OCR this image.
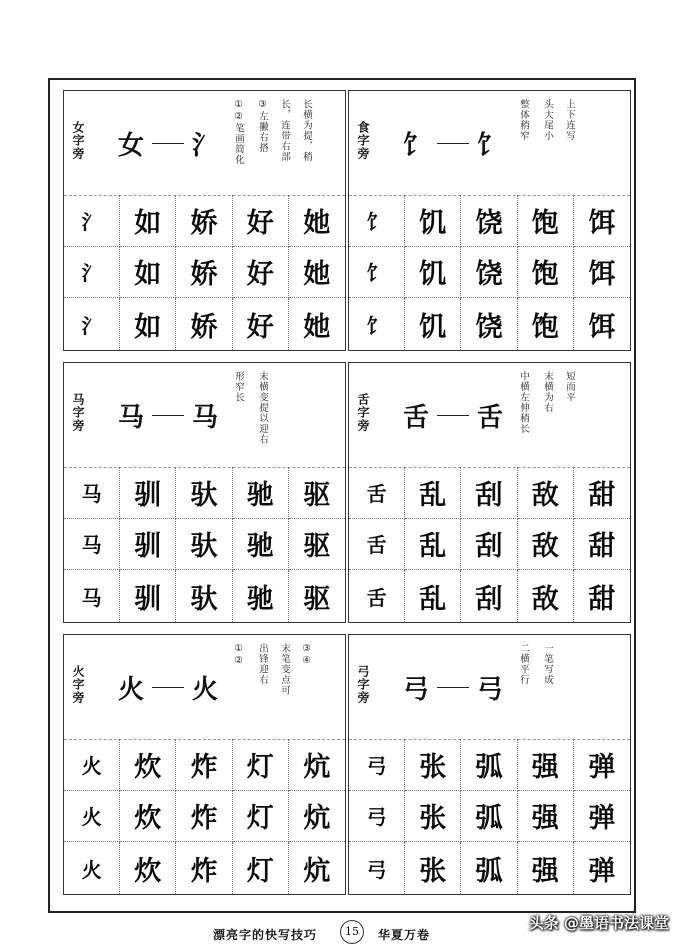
女字旁 女 ⺡ ①②笔画简化 ③左撇右搭 长，连带右部 长横为提，稍
⺡	如	娇	好	她
⺡	如	娇	好	她
⺡	如	娇	好	她
食字旁 饣 饣
整体稍窄 头大尾小 上下连写
饣	饥	饶	饱	饵
饣	饥	饶	饱	饵
饣	饥	饶	饱	饵
马字旁 马 马
形窄长 末横变提以迎右
马	驯	驮	驰	驱
马	驯	驮	驰	驱
马	驯	驮	驰	驱
舌字旁 舌 舌 中横左伸稍长 末横为右 短而平
舌	乱	刮	敌	甜
舌	乱	刮	敌	甜
舌	乱	刮	敌	甜
火字旁 火 火
①② 出锋迎右 末笔变点可 ③④
火	炊	炸	灯	炕
火	炊	炸	灯	炕
火	炊	炸	灯	炕
弓字旁 弓 弓
二横平行 一笔写成
弓	张	弧	强	弹
弓	张	弧	强	弹
弓	张	弧	强	弹
漂亮字的快写技巧	15	华夏万卷
头条 @墨语书法课堂
